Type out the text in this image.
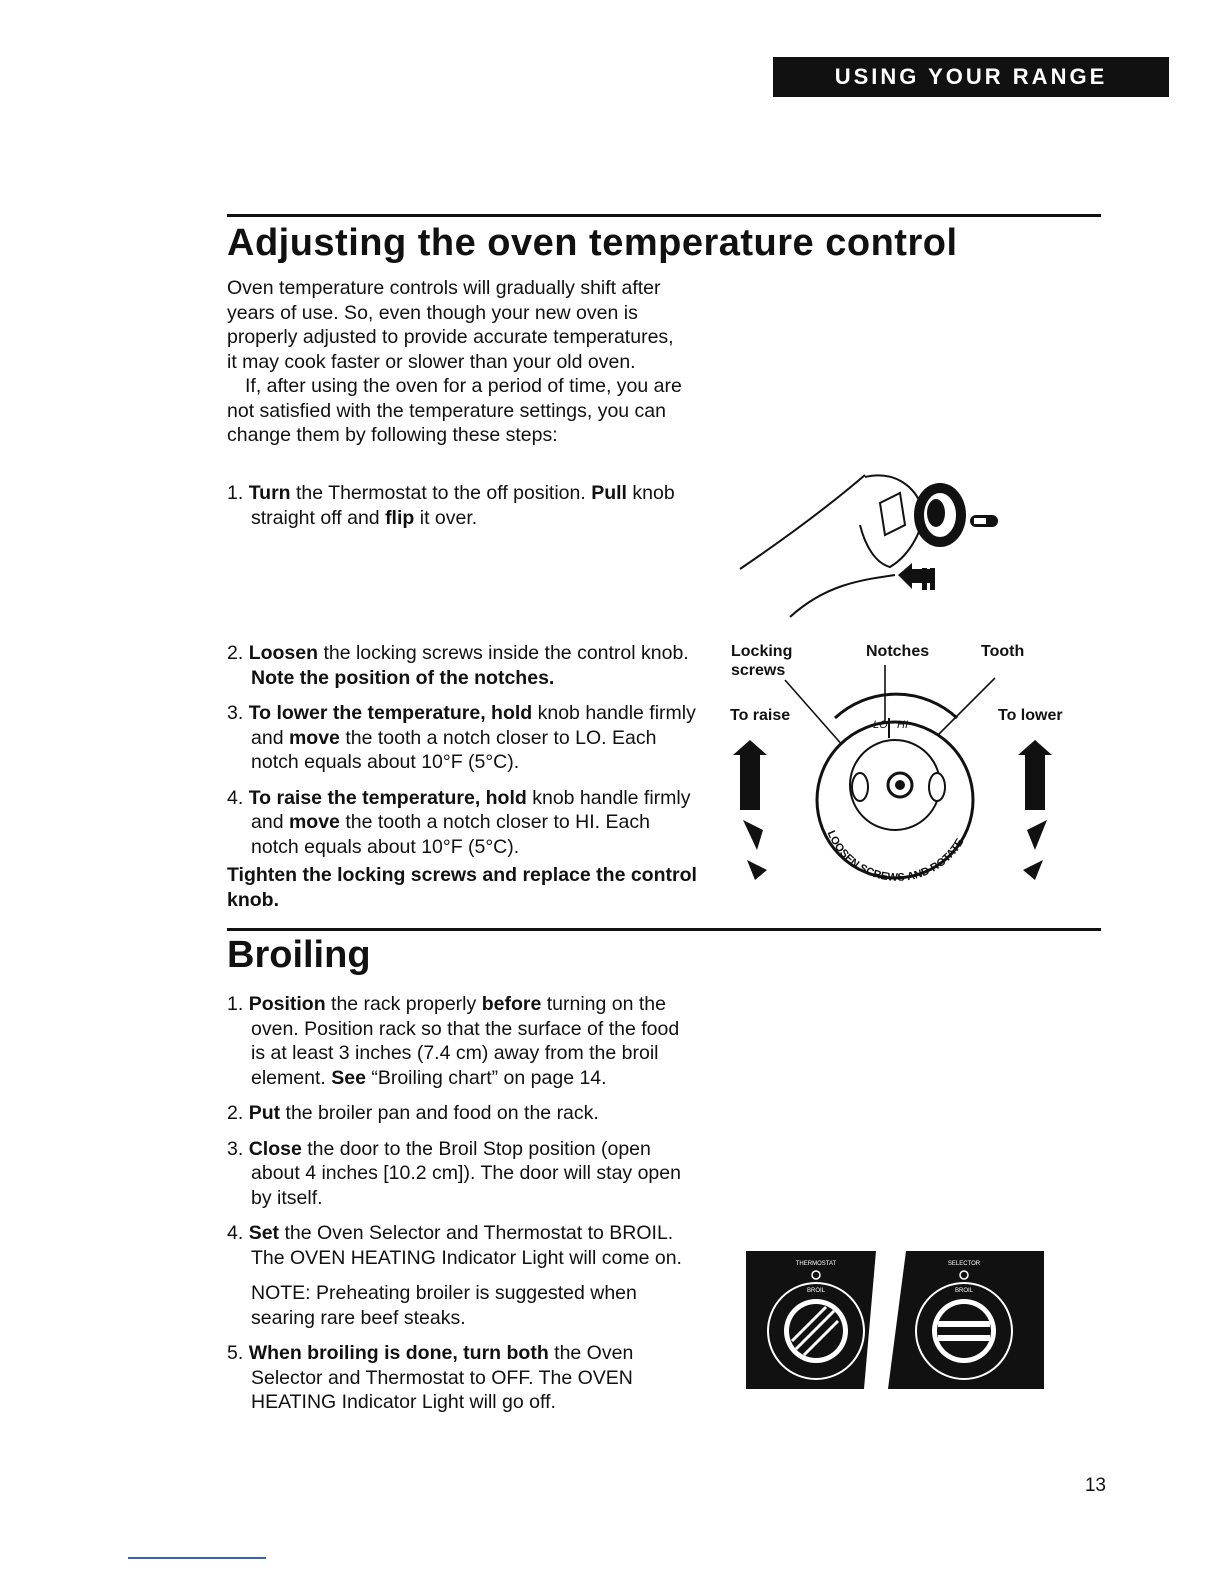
USING YOUR RANGE
Adjusting the oven temperature control

Oven temperature controls will gradually shift after years of use. So, even though your new oven is properly adjusted to provide accurate temperatures, it may cook faster or slower than your old oven.

If, after using the oven for a period of time, you are not satisfied with the temperature settings, you can change them by following these steps:

1. Turn the Thermostat to the off position. Pull knob straight off and flip it over.

2. Loosen the locking screws inside the control knob. Note the position of the notches.

3. To lower the temperature, hold knob handle firmly and move the tooth a notch closer to LO. Each notch equals about 10°F (5°C).

4. To raise the temperature, hold knob handle firmly and move the tooth a notch closer to HI. Each notch equals about 10°F (5°C).

Tighten the locking screws and replace the control knob.

Locking
screws
Notches	Tooth
To raise	To lower
LO HI
LOOSEN SCREWS AND ROTATE
Broiling

1. Position the rack properly before turning on the oven. Position rack so that the surface of the food is at least 3 inches (7.4 cm) away from the broil element. See “Broiling chart” on page 14.

2. Put the broiler pan and food on the rack.

3. Close the door to the Broil Stop position (open about 4 inches [10.2 cm]). The door will stay open by itself.

4. Set the Oven Selector and Thermostat to BROIL. The OVEN HEATING Indicator Light will come on.

NOTE: Preheating broiler is suggested when searing rare beef steaks.

5. When broiling is done, turn both the Oven Selector and Thermostat to OFF. The OVEN HEATING Indicator Light will go off.

THERMOSTAT	SELECTOR
BROIL	BROIL
13
